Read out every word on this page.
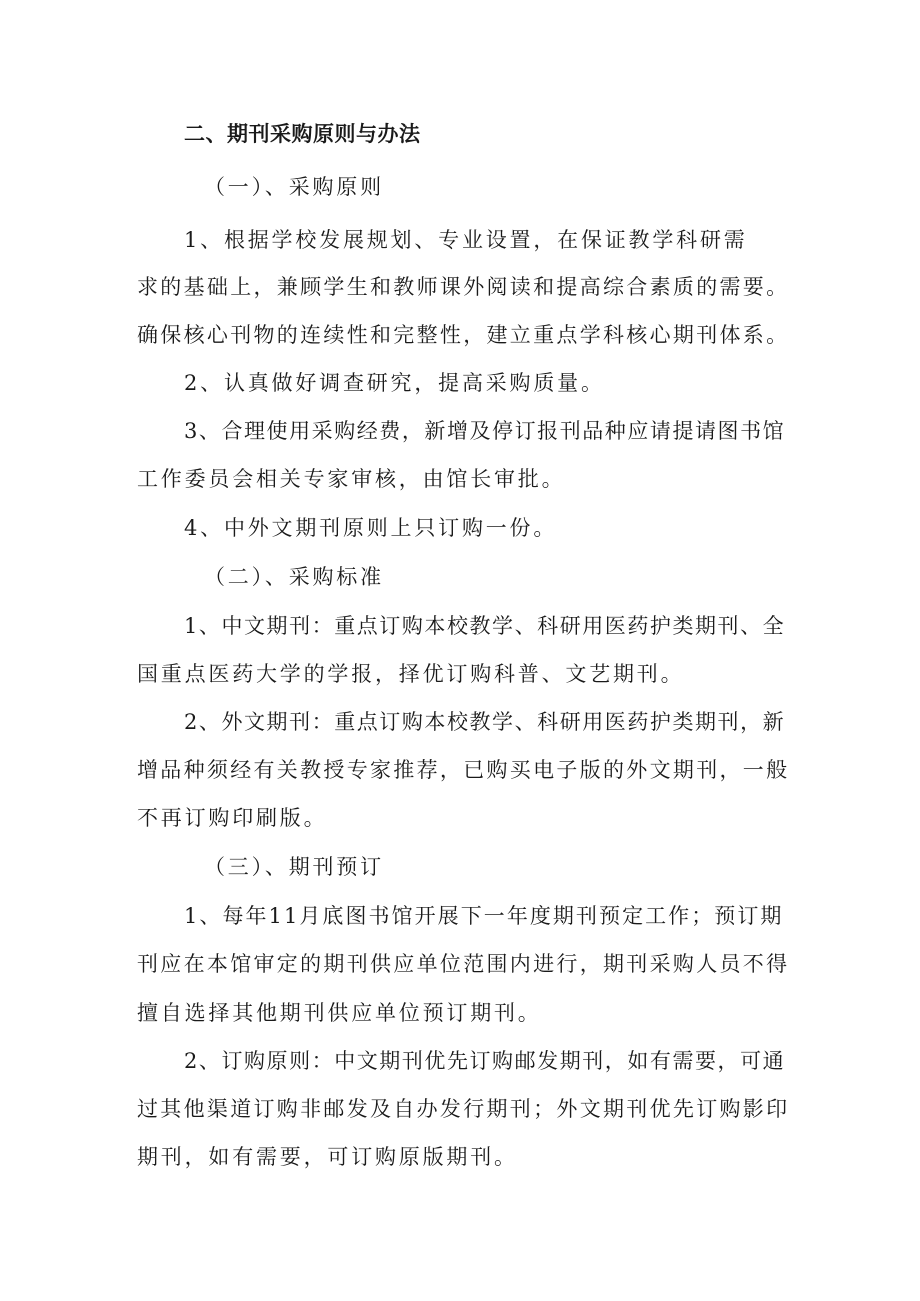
二、期刊采购原则与办法
（一）、采购原则
1、根据学校发展规划、专业设置，在保证教学科研需
求的基础上，兼顾学生和教师课外阅读和提高综合素质的需要。
确保核心刊物的连续性和完整性，建立重点学科核心期刊体系。
2、认真做好调查研究，提高采购质量。
3、合理使用采购经费，新增及停订报刊品种应请提请图书馆
工作委员会相关专家审核，由馆长审批。
4、中外文期刊原则上只订购一份。
（二）、采购标准
1、中文期刊：重点订购本校教学、科研用医药护类期刊、全
国重点医药大学的学报，择优订购科普、文艺期刊。
2、外文期刊：重点订购本校教学、科研用医药护类期刊，新
增品种须经有关教授专家推荐，已购买电子版的外文期刊，一般
不再订购印刷版。
（三）、期刊预订
1、每年11月底图书馆开展下一年度期刊预定工作；预订期
刊应在本馆审定的期刊供应单位范围内进行，期刊采购人员不得
擅自选择其他期刊供应单位预订期刊。
2、订购原则：中文期刊优先订购邮发期刊，如有需要，可通
过其他渠道订购非邮发及自办发行期刊；外文期刊优先订购影印
期刊，如有需要，可订购原版期刊。
